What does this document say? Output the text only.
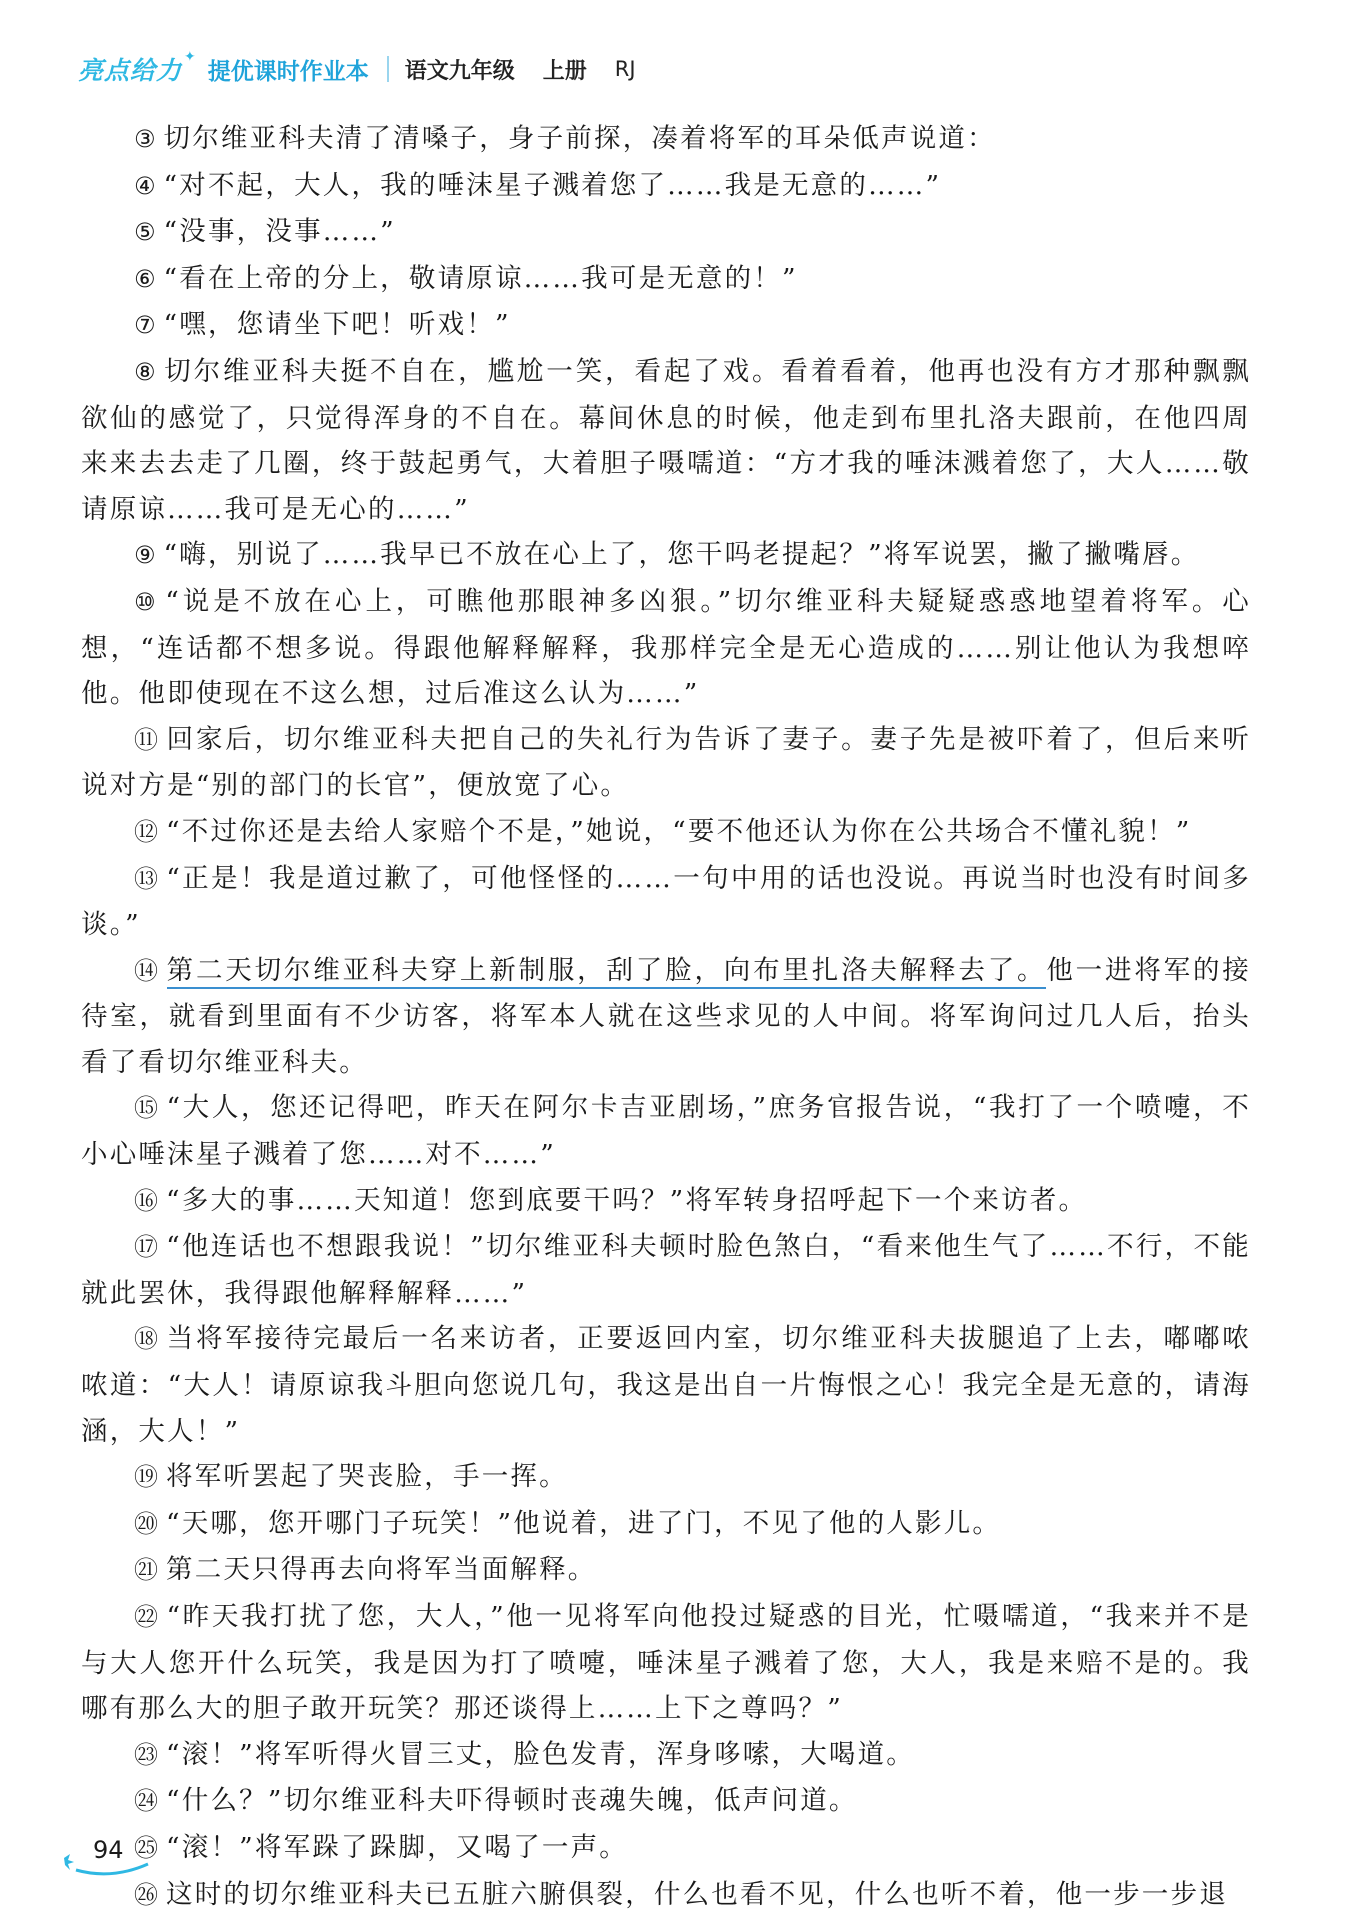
亮点给力 ✦
提优课时作业本 语文九年级 上册 RJ

③ 切尔维亚科夫清了清嗓子，身子前探，凑着将军的耳朵低声说道：

④ “对不起，大人，我的唾沫星子溅着您了……我是无意的……”

⑤ “没事，没事……”

⑥ “看在上帝的分上，敬请原谅……我可是无意的！”

⑦ “嘿，您请坐下吧！听戏！”

⑧ 切尔维亚科夫挺不自在，尴尬一笑，看起了戏。看着看着，他再也没有方才那种飘飘欲仙的感觉了，只觉得浑身的不自在。幕间休息的时候，他走到布里扎洛夫跟前，在他四周来来去去走了几圈，终于鼓起勇气，大着胆子嗫嚅道：“方才我的唾沫溅着您了，大人……敬请原谅……我可是无心的……”

⑨ “嗨，别说了……我早已不放在心上了，您干吗老提起？”将军说罢，撇了撇嘴唇。

⑩ “说是不放在心上，可瞧他那眼神多凶狠。”切尔维亚科夫疑疑惑惑地望着将军。心想，“连话都不想多说。得跟他解释解释，我那样完全是无心造成的……别让他认为我想啐他。他即使现在不这么想，过后准这么认为……”

⑪ 回家后，切尔维亚科夫把自己的失礼行为告诉了妻子。妻子先是被吓着了，但后来听说对方是“别的部门的长官”，便放宽了心。

⑫ “不过你还是去给人家赔个不是，”她说，“要不他还认为你在公共场合不懂礼貌！”

⑬ “正是！我是道过歉了，可他怪怪的……一句中用的话也没说。再说当时也没有时间多谈。”

⑭ 第二天切尔维亚科夫穿上新制服，刮了脸，向布里扎洛夫解释去了。他一进将军的接待室，就看到里面有不少访客，将军本人就在这些求见的人中间。将军询问过几人后，抬头看了看切尔维亚科夫。

⑮ “大人，您还记得吧，昨天在阿尔卡吉亚剧场，”庶务官报告说，“我打了一个喷嚏，不小心唾沫星子溅着了您……对不……”

⑯ “多大的事……天知道！您到底要干吗？”将军转身招呼起下一个来访者。

⑰ “他连话也不想跟我说！”切尔维亚科夫顿时脸色煞白，“看来他生气了……不行，不能就此罢休，我得跟他解释解释……”

⑱ 当将军接待完最后一名来访者，正要返回内室，切尔维亚科夫拔腿追了上去，嘟嘟哝哝道：“大人！请原谅我斗胆向您说几句，我这是出自一片悔恨之心！我完全是无意的，请海涵，大人！”

⑲ 将军听罢起了哭丧脸，手一挥。

⑳ “天哪，您开哪门子玩笑！”他说着，进了门，不见了他的人影儿。

㉑ 第二天只得再去向将军当面解释。

㉒ “昨天我打扰了您，大人，”他一见将军向他投过疑惑的目光，忙嗫嚅道，“我来并不是与大人您开什么玩笑，我是因为打了喷嚏，唾沫星子溅着了您，大人，我是来赔不是的。我哪有那么大的胆子敢开玩笑？那还谈得上……上下之尊吗？”

㉓ “滚！”将军听得火冒三丈，脸色发青，浑身哆嗦，大喝道。

㉔ “什么？”切尔维亚科夫吓得顿时丧魂失魄，低声问道。

㉕ “滚！”将军跺了跺脚，又喝了一声。

㉖ 这时的切尔维亚科夫已五脏六腑俱裂，什么也看不见，什么也听不着，他一步一步退

94
